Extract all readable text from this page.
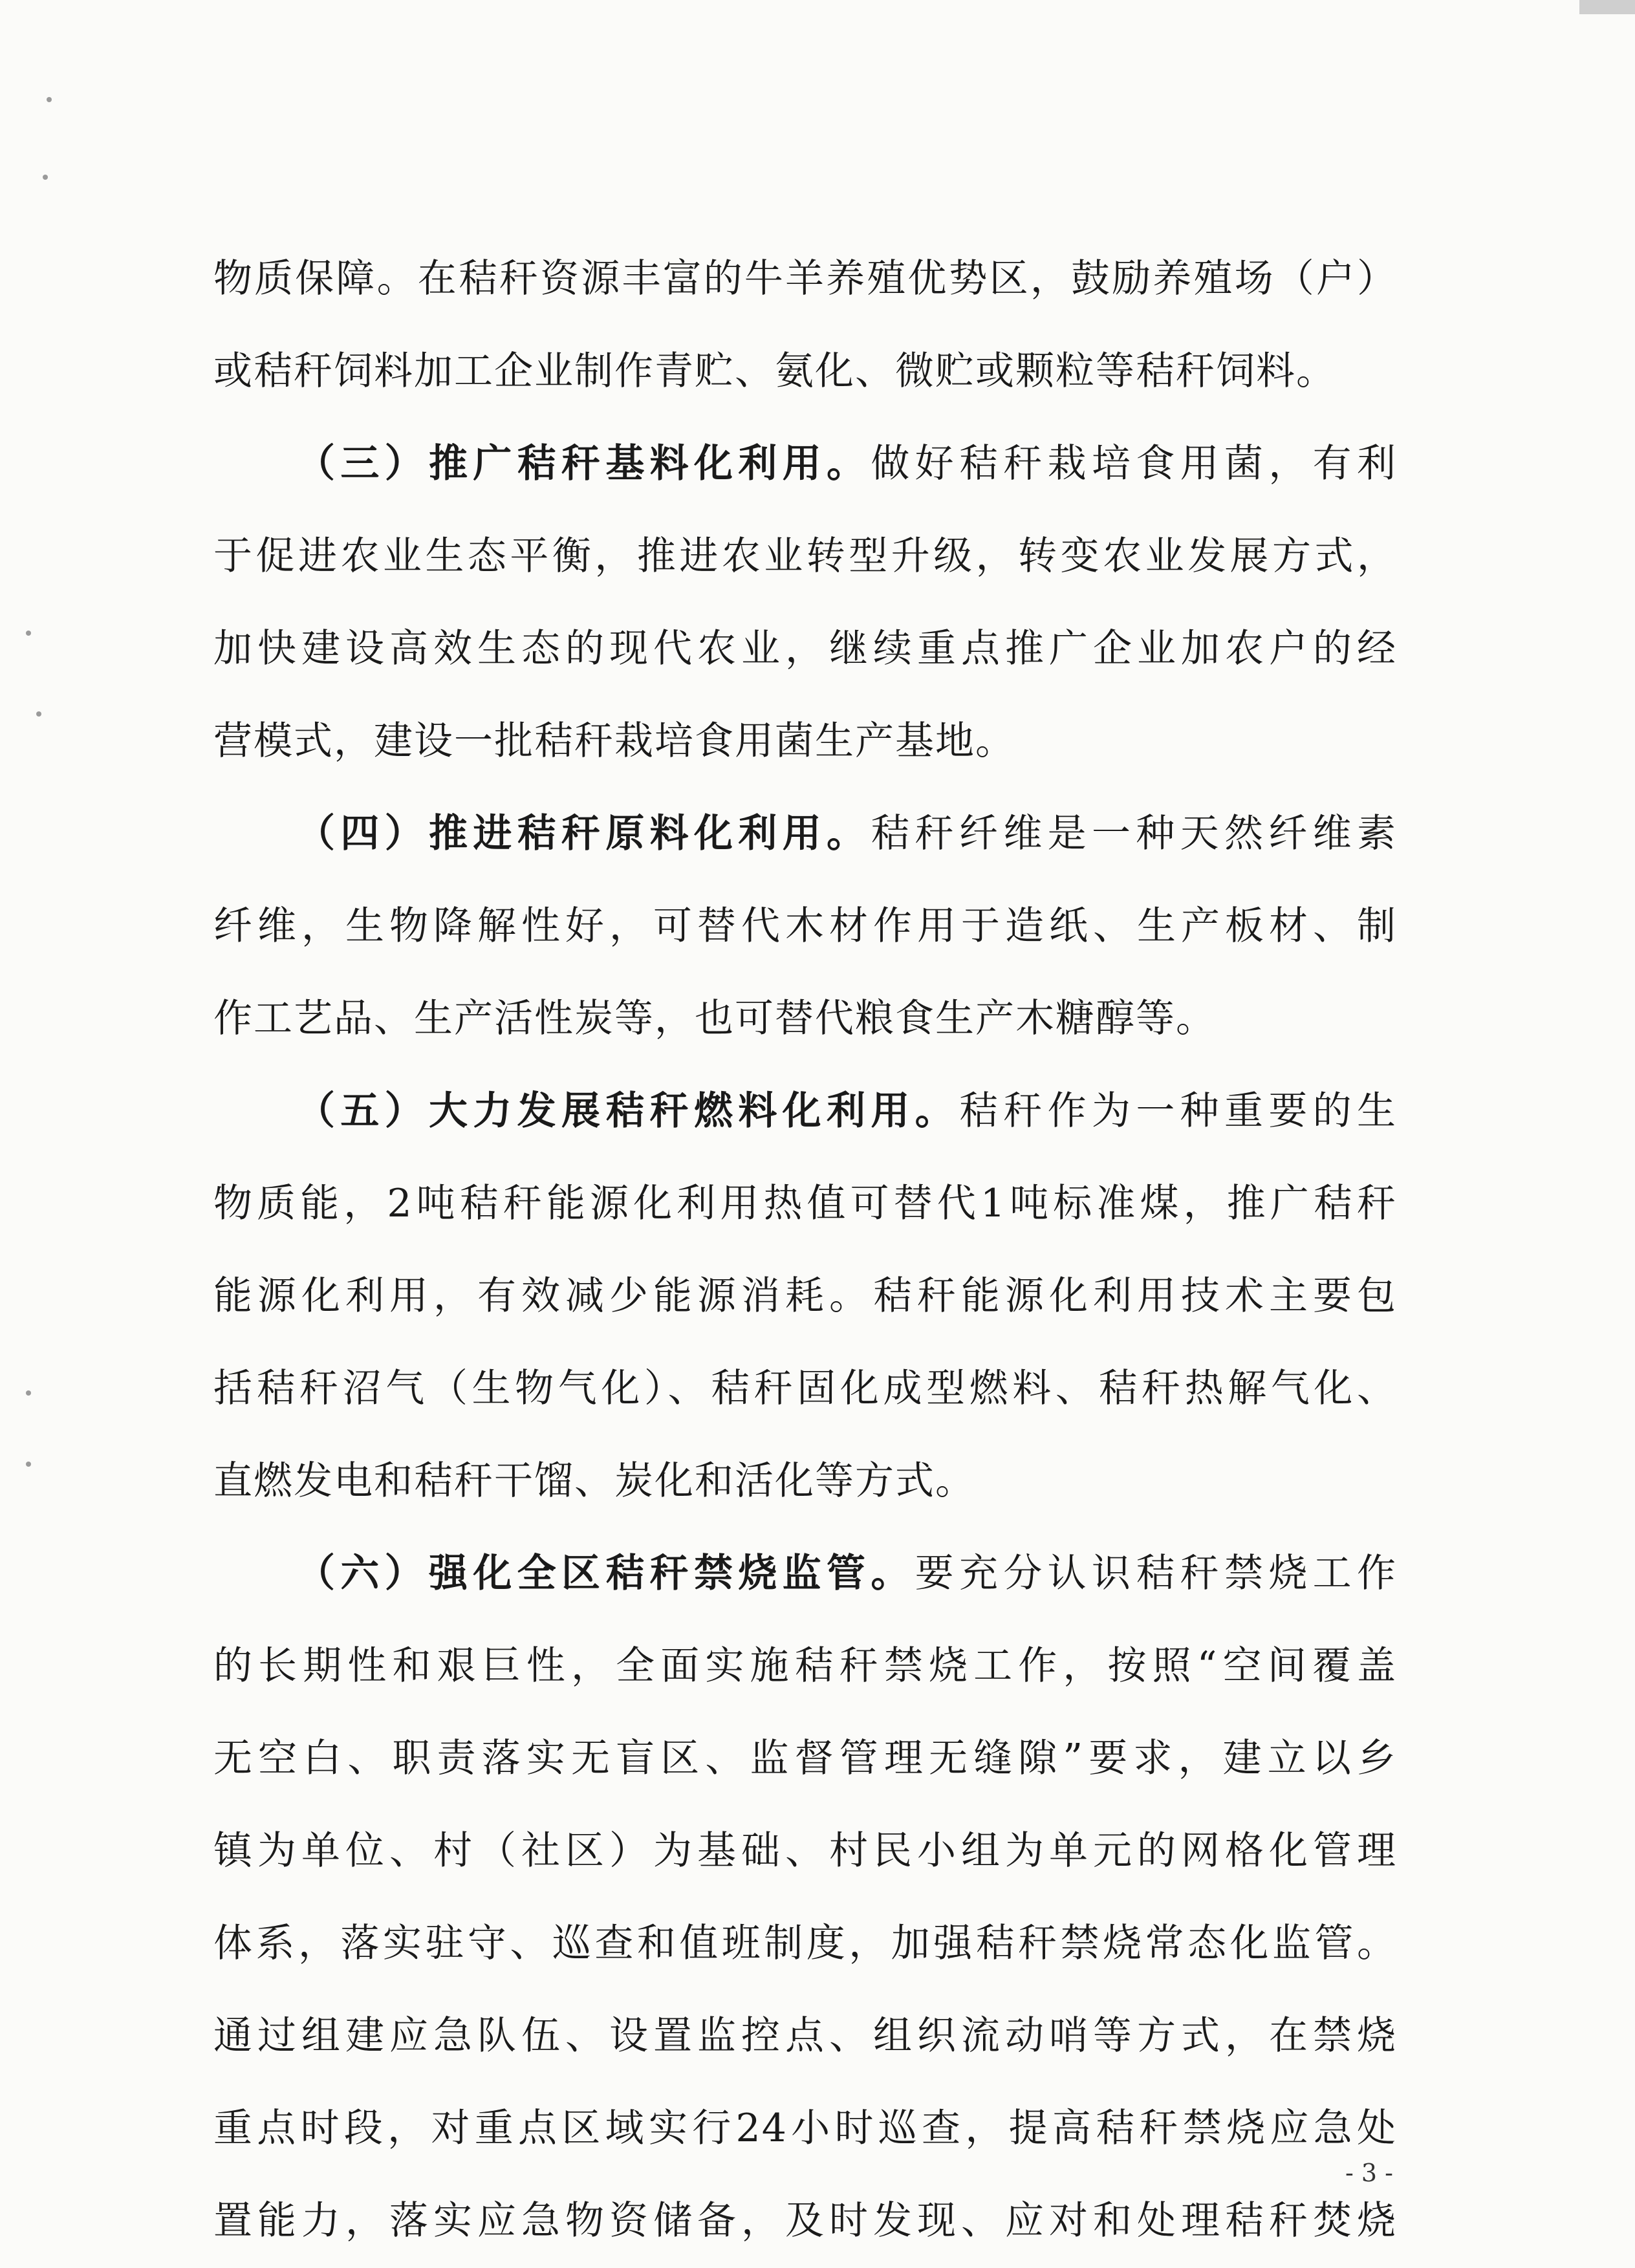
物质保障。在秸秆资源丰富的牛羊养殖优势区，鼓励养殖场（户）
或秸秆饲料加工企业制作青贮、氨化、微贮或颗粒等秸秆饲料。
（三）推广秸秆基料化利用。做好秸秆栽培食用菌，有利
于促进农业生态平衡，推进农业转型升级，转变农业发展方式，
加快建设高效生态的现代农业，继续重点推广企业加农户的经
营模式，建设一批秸秆栽培食用菌生产基地。
（四）推进秸秆原料化利用。秸秆纤维是一种天然纤维素
纤维，生物降解性好，可替代木材作用于造纸、生产板材、制
作工艺品、生产活性炭等，也可替代粮食生产木糖醇等。
（五）大力发展秸秆燃料化利用。秸秆作为一种重要的生
物质能，2吨秸秆能源化利用热值可替代1吨标准煤，推广秸秆
能源化利用，有效减少能源消耗。秸秆能源化利用技术主要包
括秸秆沼气（生物气化）、秸秆固化成型燃料、秸秆热解气化、
直燃发电和秸秆干馏、炭化和活化等方式。
（六）强化全区秸秆禁烧监管。要充分认识秸秆禁烧工作
的长期性和艰巨性，全面实施秸秆禁烧工作，按照“空间覆盖
无空白、职责落实无盲区、监督管理无缝隙”要求，建立以乡
镇为单位、村（社区）为基础、村民小组为单元的网格化管理
体系，落实驻守、巡查和值班制度，加强秸秆禁烧常态化监管。
通过组建应急队伍、设置监控点、组织流动哨等方式，在禁烧
重点时段，对重点区域实行24小时巡查，提高秸秆禁烧应急处
置能力，落实应急物资储备，及时发现、应对和处理秸秆焚烧
- 3 -
